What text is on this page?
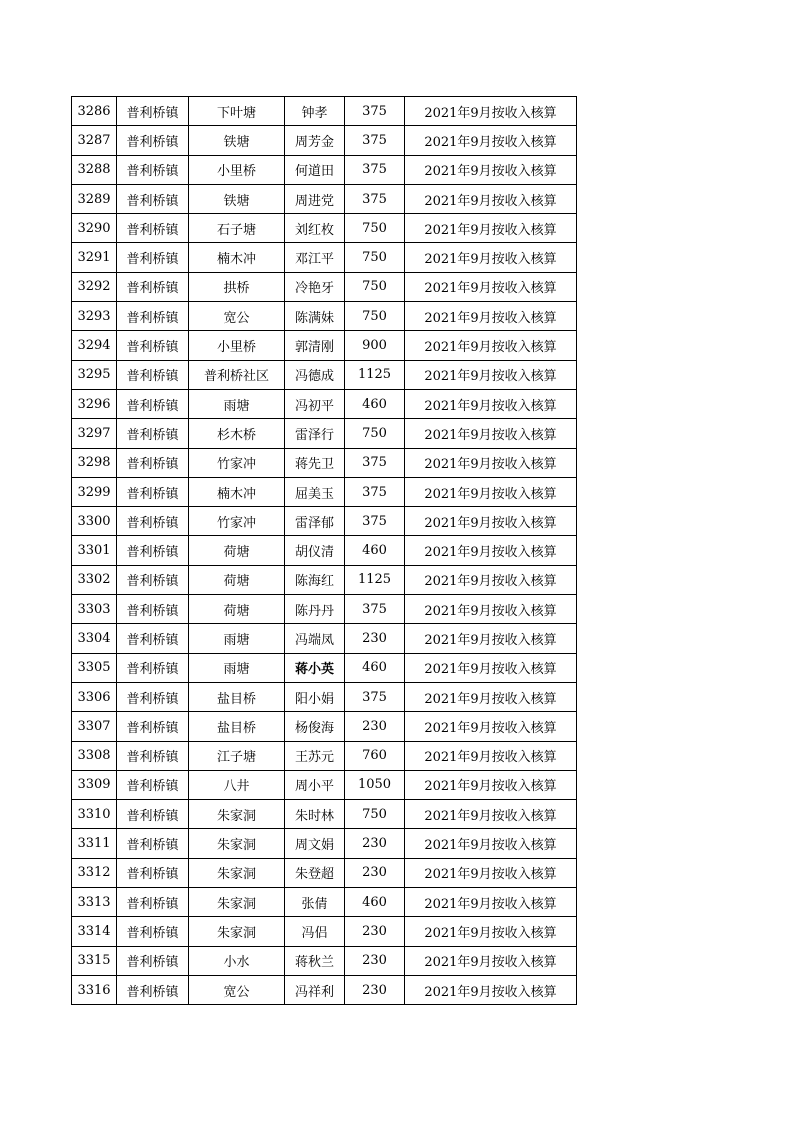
3286	普利桥镇	下叶塘	钟孝	375	2021年9月按收入核算
3287	普利桥镇	铁塘	周芳金	375	2021年9月按收入核算
3288	普利桥镇	小里桥	何道田	375	2021年9月按收入核算
3289	普利桥镇	铁塘	周进党	375	2021年9月按收入核算
3290	普利桥镇	石子塘	刘红枚	750	2021年9月按收入核算
3291	普利桥镇	楠木冲	邓江平	750	2021年9月按收入核算
3292	普利桥镇	拱桥	冷艳牙	750	2021年9月按收入核算
3293	普利桥镇	宽公	陈满妹	750	2021年9月按收入核算
3294	普利桥镇	小里桥	郭清刚	900	2021年9月按收入核算
3295	普利桥镇	普利桥社区	冯德成	1125	2021年9月按收入核算
3296	普利桥镇	雨塘	冯初平	460	2021年9月按收入核算
3297	普利桥镇	杉木桥	雷泽行	750	2021年9月按收入核算
3298	普利桥镇	竹家冲	蒋先卫	375	2021年9月按收入核算
3299	普利桥镇	楠木冲	屈美玉	375	2021年9月按收入核算
3300	普利桥镇	竹家冲	雷泽郁	375	2021年9月按收入核算
3301	普利桥镇	荷塘	胡仪清	460	2021年9月按收入核算
3302	普利桥镇	荷塘	陈海红	1125	2021年9月按收入核算
3303	普利桥镇	荷塘	陈丹丹	375	2021年9月按收入核算
3304	普利桥镇	雨塘	冯端凤	230	2021年9月按收入核算
3305	普利桥镇	雨塘	蒋小英	460	2021年9月按收入核算
3306	普利桥镇	盐目桥	阳小娟	375	2021年9月按收入核算
3307	普利桥镇	盐目桥	杨俊海	230	2021年9月按收入核算
3308	普利桥镇	江子塘	王苏元	760	2021年9月按收入核算
3309	普利桥镇	八井	周小平	1050	2021年9月按收入核算
3310	普利桥镇	朱家洞	朱时林	750	2021年9月按收入核算
3311	普利桥镇	朱家洞	周文娟	230	2021年9月按收入核算
3312	普利桥镇	朱家洞	朱登超	230	2021年9月按收入核算
3313	普利桥镇	朱家洞	张倩	460	2021年9月按收入核算
3314	普利桥镇	朱家洞	冯侣	230	2021年9月按收入核算
3315	普利桥镇	小水	蒋秋兰	230	2021年9月按收入核算
3316	普利桥镇	宽公	冯祥利	230	2021年9月按收入核算
